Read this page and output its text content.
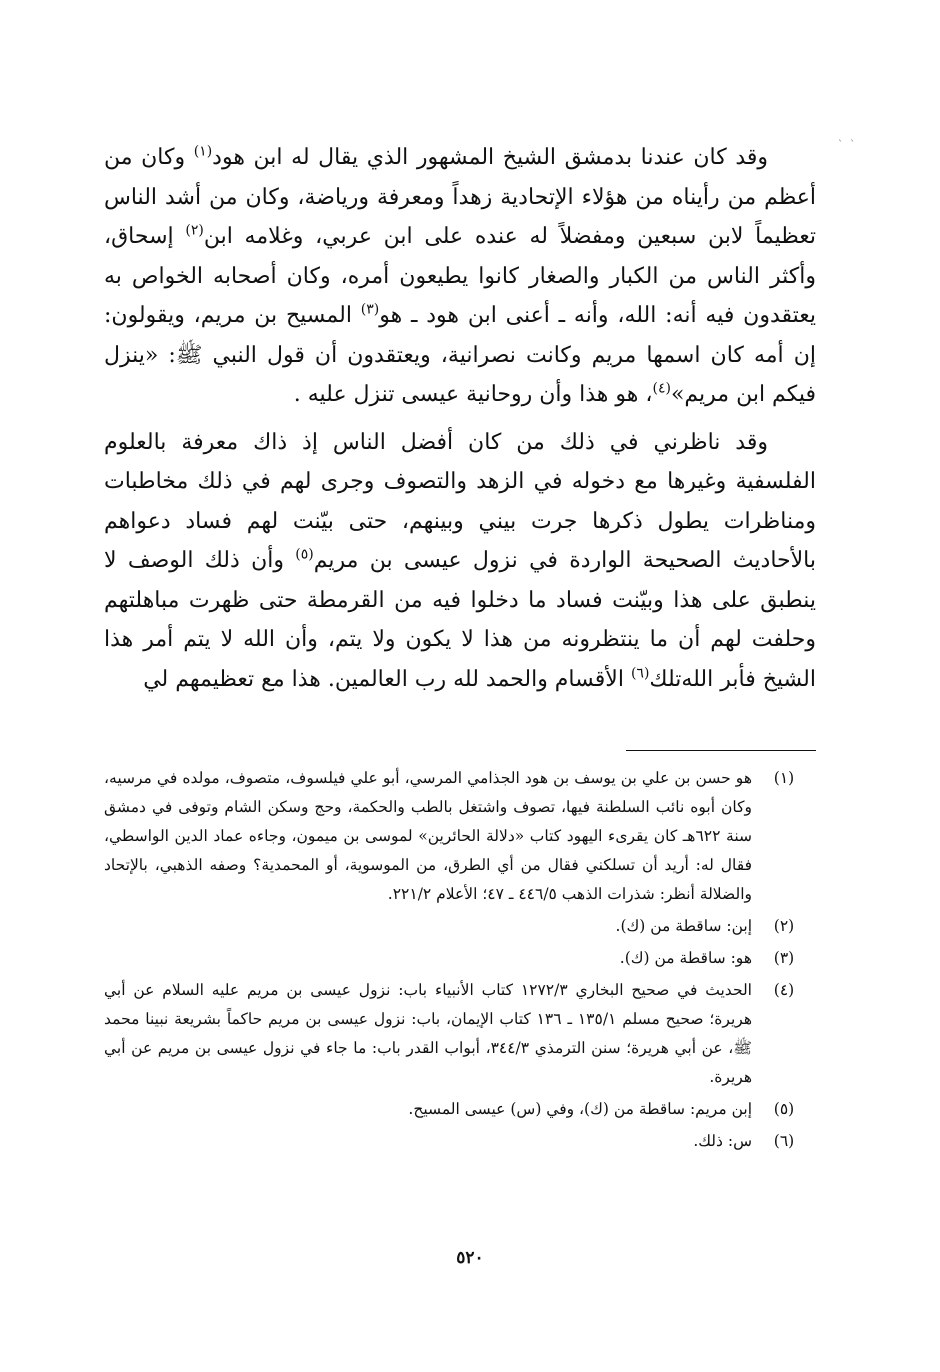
` `

وقد كان عندنا بدمشق الشيخ المشهور الذي يقال له ابن هود$^{(١)}$ وكان من أعظم من رأيناه من هؤلاء الإتحادية زهداً ومعرفة ورياضة، وكان من أشد الناس تعظيماً لابن سبعين ومفضلاً له عنده على ابن عربي، وغلامه ابن$^{(٢)}$ إسحاق، وأكثر الناس من الكبار والصغار كانوا يطيعون أمره، وكان أصحابه الخواص به يعتقدون فيه أنه: الله، وأنه ـ أعنى ابن هود ـ هو$^{(٣)}$ المسيح بن مريم، ويقولون: إن أمه كان اسمها مريم وكانت نصرانية، ويعتقدون أن قول النبي ﷺ: «ينزل فيكم ابن مريم»$^{(٤)}$، هو هذا وأن روحانية عيسى تنزل عليه .

وقد ناظرني في ذلك من كان أفضل الناس إذ ذاك معرفة بالعلوم الفلسفية وغيرها مع دخوله في الزهد والتصوف وجرى لهم في ذلك مخاطبات ومناظرات يطول ذكرها جرت بيني وبينهم، حتى بيّنت لهم فساد دعواهم بالأحاديث الصحيحة الواردة في نزول عيسى بن مريم$^{(٥)}$ وأن ذلك الوصف لا ينطبق على هذا وبيّنت فساد ما دخلوا فيه من القرمطة حتى ظهرت مباهلتهم وحلفت لهم أن ما ينتظرونه من هذا لا يكون ولا يتم، وأن الله لا يتم أمر هذا الشيخ فأبر الله‌تلك$^{(٦)}$ الأقسام والحمد لله رب العالمين. هذا مع تعظيمهم لي

(١)
هو حسن بن علي بن يوسف بن هود الجذامي المرسي، أبو علي فيلسوف، متصوف، مولده في مرسيه، وكان أبوه نائب السلطنة فيها، تصوف واشتغل بالطب والحكمة، وحج وسكن الشام وتوفى في دمشق سنة ٦٢٢هـ كان يقرىء اليهود كتاب «دلالة الحائرين» لموسى بن ميمون، وجاءه عماد الدين الواسطي، فقال له: أريد أن تسلكني فقال من أي الطرق، من الموسوية، أو المحمدية؟ وصفه الذهبي، بالإتحاد والضلالة أنظر: شذرات الذهب ٤٤٦/٥ ـ ٤٧؛ الأعلام ٢٢١/٢.
(٢)
إبن: ساقطة من (ك).
(٣)
هو: ساقطة من (ك).
(٤)
الحديث في صحيح البخاري ١٢٧٢/٣ كتاب الأنبياء باب: نزول عيسى بن مريم عليه السلام عن أبي هريرة؛ صحيح مسلم ١٣٥/١ ـ ١٣٦ كتاب الإيمان، باب: نزول عيسى بن مريم حاكماً بشريعة نبينا محمد ﷺ، عن أبي هريرة؛ سنن الترمذي ٣٤٤/٣، أبواب القدر باب: ما جاء في نزول عيسى بن مريم عن أبي هريرة.
(٥)
إبن مريم: ساقطة من (ك)، وفي (س) عيسى المسيح.
(٦)
س: ذلك.
٥٢٠
